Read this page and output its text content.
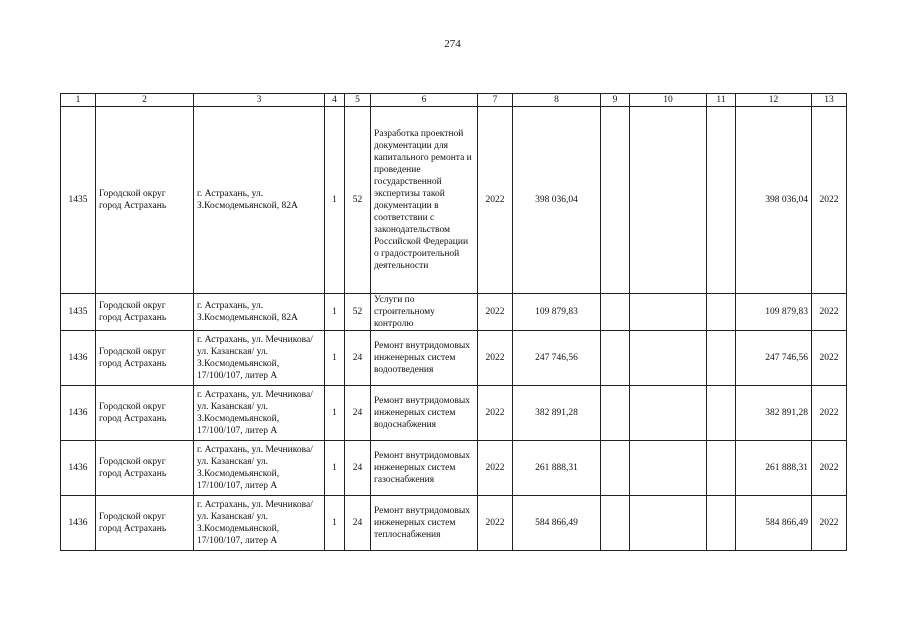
274
1	2	3	4	5	6	7	8	9	10	11	12	13
1435	Городской округ город Астрахань	г. Астрахань, ул. З.Космодемьянской, 82А	1	52	Разработка проектной документации для капитального ремонта и проведение государственной экспертизы такой документации в соответствии с законодательством Российской Федерации о градостроительной деятельности	2022	398 036,04				398 036,04	2022
1435	Городской округ город Астрахань	г. Астрахань, ул. З.Космодемьянской, 82А	1	52	Услуги по строительному контролю	2022	109 879,83				109 879,83	2022
1436	Городской округ город Астрахань	г. Астрахань, ул. Мечникова/ ул. Казанская/ ул. З.Космодемьянской, 17/100/107, литер А	1	24	Ремонт внутридомовых инженерных систем водоотведения	2022	247 746,56				247 746,56	2022
1436	Городской округ город Астрахань	г. Астрахань, ул. Мечникова/ ул. Казанская/ ул. З.Космодемьянской, 17/100/107, литер А	1	24	Ремонт внутридомовых инженерных систем водоснабжения	2022	382 891,28				382 891,28	2022
1436	Городской округ город Астрахань	г. Астрахань, ул. Мечникова/ ул. Казанская/ ул. З.Космодемьянской, 17/100/107, литер А	1	24	Ремонт внутридомовых инженерных систем газоснабжения	2022	261 888,31				261 888,31	2022
1436	Городской округ город Астрахань	г. Астрахань, ул. Мечникова/ ул. Казанская/ ул. З.Космодемьянской, 17/100/107, литер А	1	24	Ремонт внутридомовых инженерных систем теплоснабжения	2022	584 866,49				584 866,49	2022
